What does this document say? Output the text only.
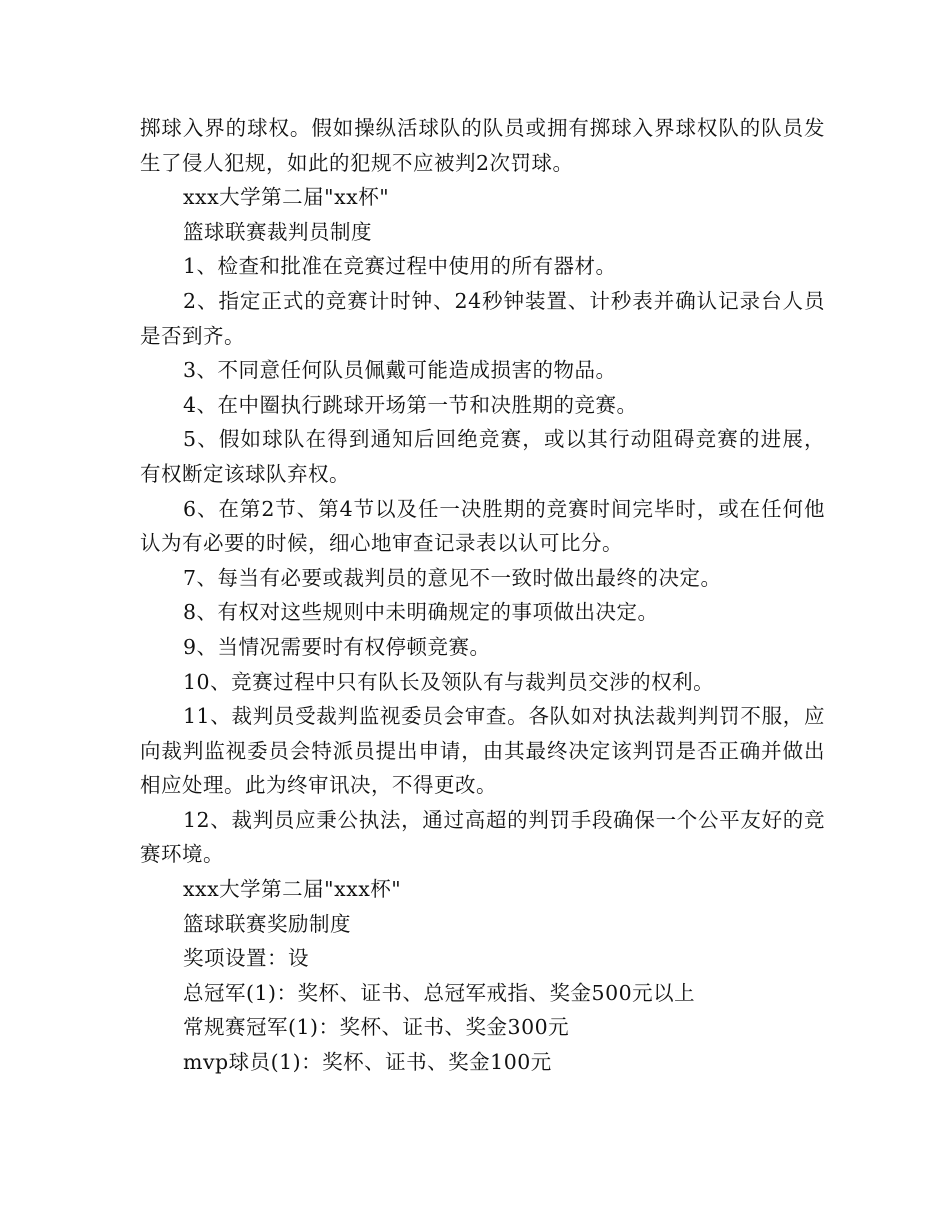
掷球入界的球权。假如操纵活球队的队员或拥有掷球入界球权队的队员发生了侵人犯规，如此的犯规不应被判2次罚球。

xxx大学第二届"xx杯"

篮球联赛裁判员制度

1、检查和批准在竞赛过程中使用的所有器材。

2、指定正式的竞赛计时钟、24秒钟装置、计秒表并确认记录台人员是否到齐。

3、不同意任何队员佩戴可能造成损害的物品。

4、在中圈执行跳球开场第一节和决胜期的竞赛。

5、假如球队在得到通知后回绝竞赛，或以其行动阻碍竞赛的进展，有权断定该球队弃权。

6、在第2节、第4节以及任一决胜期的竞赛时间完毕时，或在任何他认为有必要的时候，细心地审查记录表以认可比分。

7、每当有必要或裁判员的意见不一致时做出最终的决定。

8、有权对这些规则中未明确规定的事项做出决定。

9、当情况需要时有权停顿竞赛。

10、竞赛过程中只有队长及领队有与裁判员交涉的权利。

11、裁判员受裁判监视委员会审查。各队如对执法裁判判罚不服，应向裁判监视委员会特派员提出申请，由其最终决定该判罚是否正确并做出相应处理。此为终审讯决，不得更改。

12、裁判员应秉公执法，通过高超的判罚手段确保一个公平友好的竞赛环境。

xxx大学第二届"xxx杯"

篮球联赛奖励制度

奖项设置：设

总冠军(1)：奖杯、证书、总冠军戒指、奖金500元以上

常规赛冠军(1)：奖杯、证书、奖金300元

mvp球员(1)：奖杯、证书、奖金100元
